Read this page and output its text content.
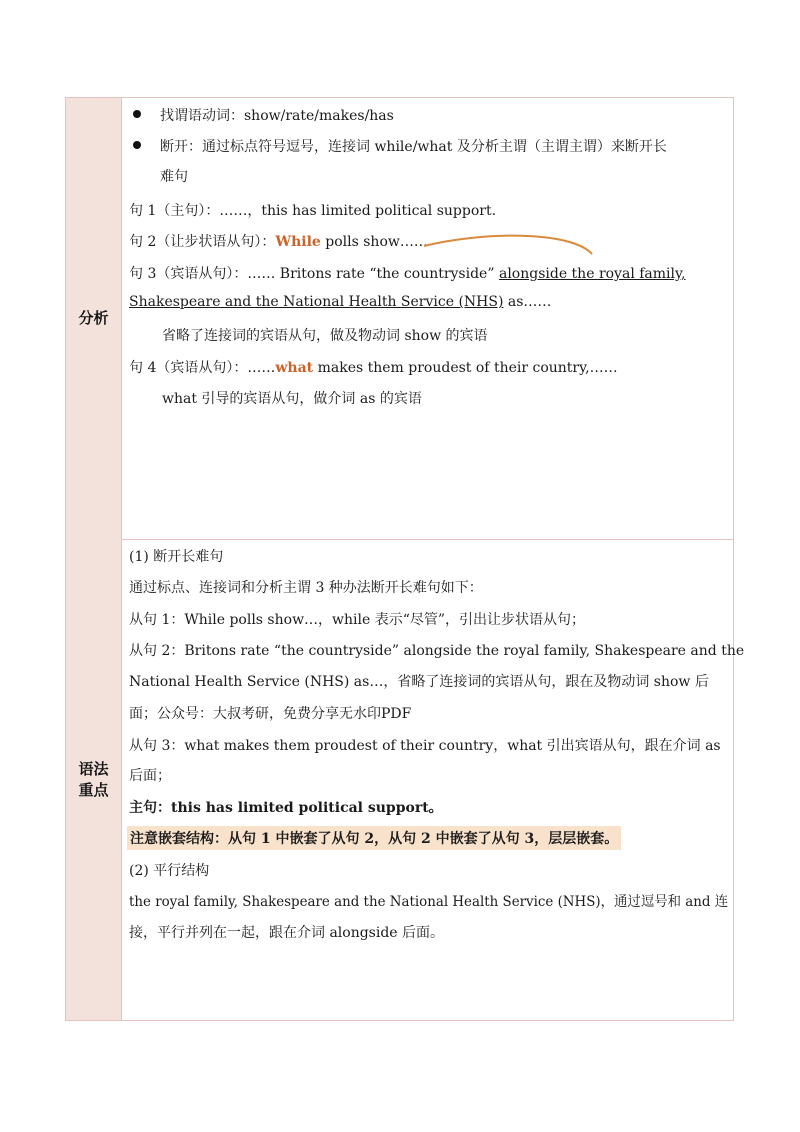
分析
语法
重点
找谓语动词：show/rate/makes/has
断开：通过标点符号逗号，连接词 while/what 及分析主谓（主谓主谓）来断开长
难句
句 1（主句）：……，this has limited political support.
句 2（让步状语从句）：While polls show……
句 3（宾语从句）：…… Britons rate “the countryside” alongside the royal family,
Shakespeare and the National Health Service (NHS) as……
省略了连接词的宾语从句，做及物动词 show 的宾语
句 4（宾语从句）：……what makes them proudest of their country,……
what 引导的宾语从句，做介词 as 的宾语
(1) 断开长难句
通过标点、连接词和分析主谓 3 种办法断开长难句如下：
从句 1：While polls show…，while 表示“尽管”，引出让步状语从句；
从句 2：Britons rate “the countryside” alongside the royal family, Shakespeare and the
National Health Service (NHS) as…，省略了连接词的宾语从句，跟在及物动词 show 后
面；公众号：大叔考研，免费分享无水印PDF
从句 3：what makes them proudest of their country，what 引出宾语从句，跟在介词 as
后面；
主句：this has limited political support。
注意嵌套结构：从句 1 中嵌套了从句 2，从句 2 中嵌套了从句 3，层层嵌套。
(2) 平行结构
the royal family, Shakespeare and the National Health Service (NHS)，通过逗号和 and 连
接，平行并列在一起，跟在介词 alongside 后面。
